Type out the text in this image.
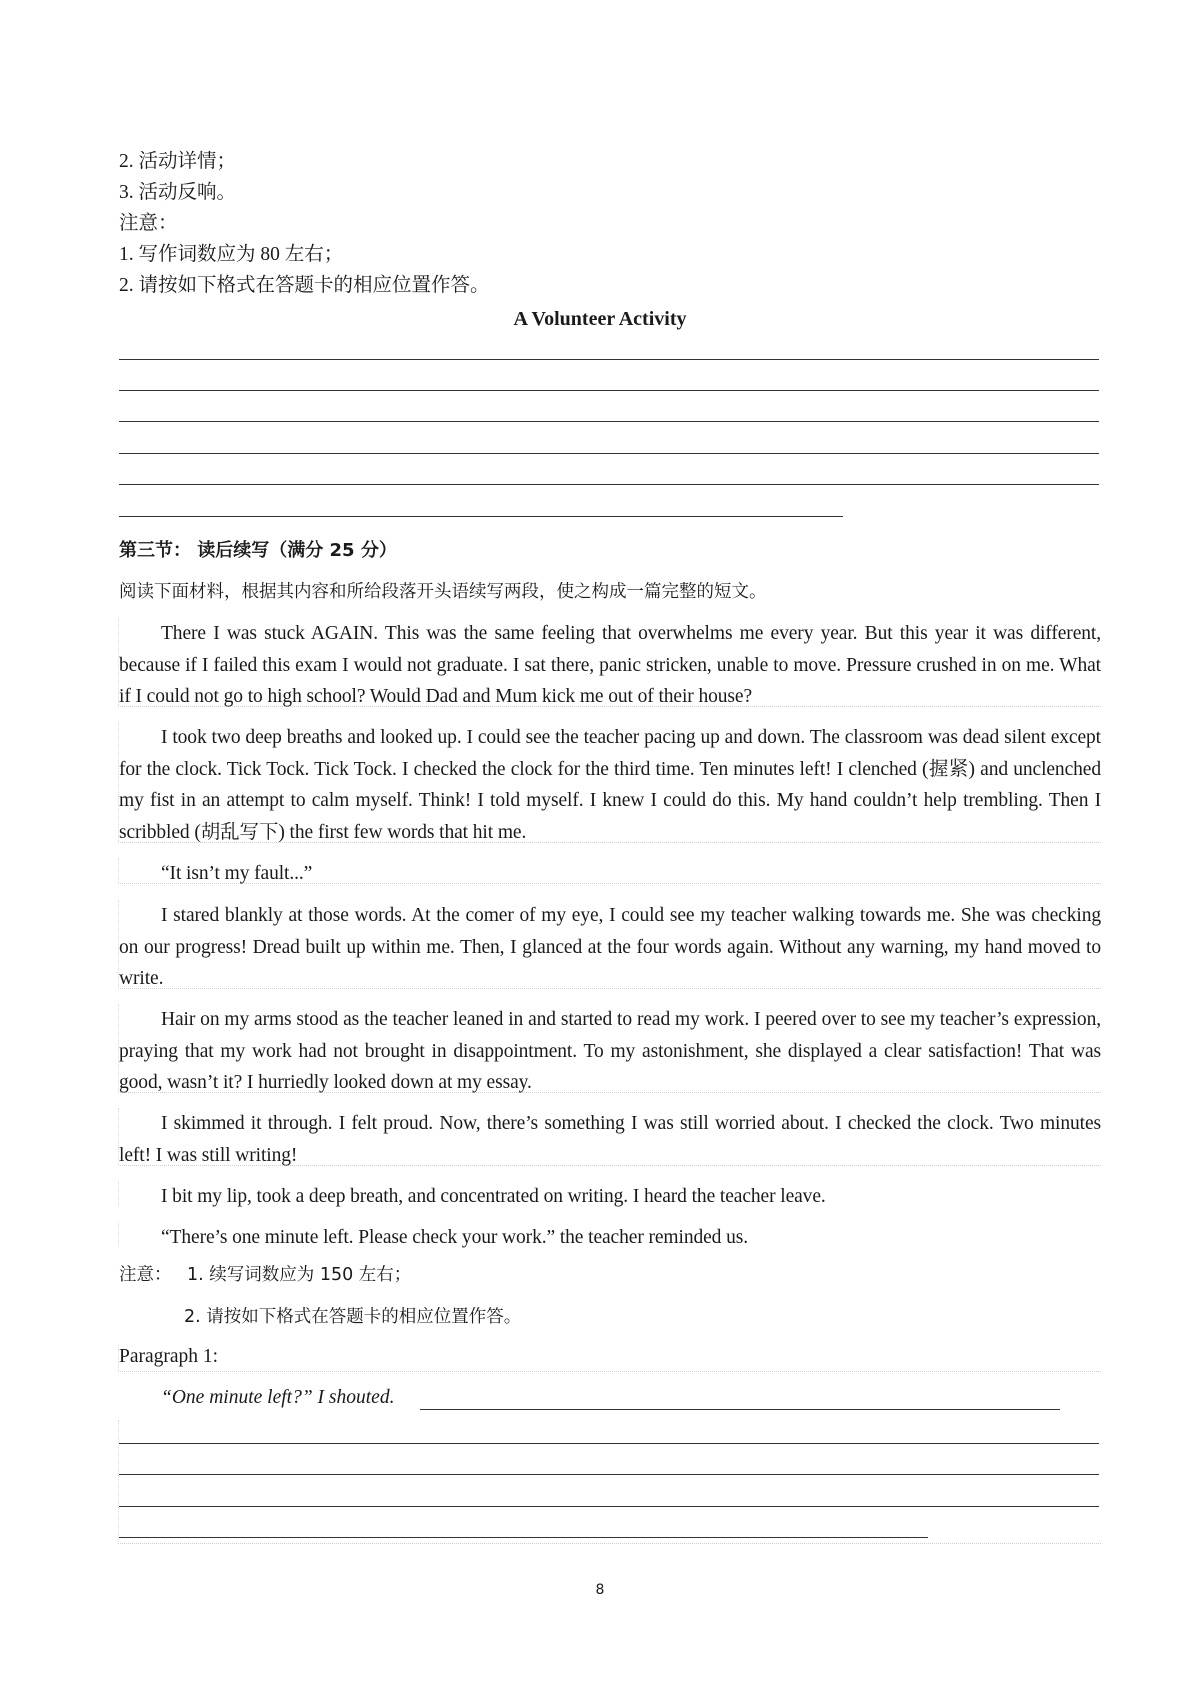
2. 活动详情；
3. 活动反响。
注意：
1. 写作词数应为 80 左右；
2. 请按如下格式在答题卡的相应位置作答。
A Volunteer Activity
第三节： 读后续写（满分 25 分）
阅读下面材料，根据其内容和所给段落开头语续写两段，使之构成一篇完整的短文。

There I was stuck AGAIN. This was the same feeling that overwhelms me every year. But this year it was different, because if I failed this exam I would not graduate. I sat there, panic stricken, unable to move. Pressure crushed in on me. What if I could not go to high school? Would Dad and Mum kick me out of their house?

I took two deep breaths and looked up. I could see the teacher pacing up and down. The classroom was dead silent except for the clock. Tick Tock. Tick Tock. I checked the clock for the third time. Ten minutes left! I clenched (握紧) and unclenched my fist in an attempt to calm myself. Think! I told myself. I knew I could do this. My hand couldn’t help trembling. Then I scribbled (胡乱写下) the first few words that hit me.

“It isn’t my fault...”

I stared blankly at those words. At the comer of my eye, I could see my teacher walking towards me. She was checking on our progress! Dread built up within me. Then, I glanced at the four words again. Without any warning, my hand moved to write.

Hair on my arms stood as the teacher leaned in and started to read my work. I peered over to see my teacher’s expression, praying that my work had not brought in disappointment. To my astonishment, she displayed a clear satisfaction! That was good, wasn’t it? I hurriedly looked down at my essay.

I skimmed it through. I felt proud. Now, there’s something I was still worried about. I checked the clock. Two minutes left! I was still writing!

I bit my lip, took a deep breath, and concentrated on writing. I heard the teacher leave.

“There’s one minute left. Please check your work.” the teacher reminded us.

注意： 1. 续写词数应为 150 左右；
2. 请按如下格式在答题卡的相应位置作答。
Paragraph 1:
“One minute left?” I shouted.
8
